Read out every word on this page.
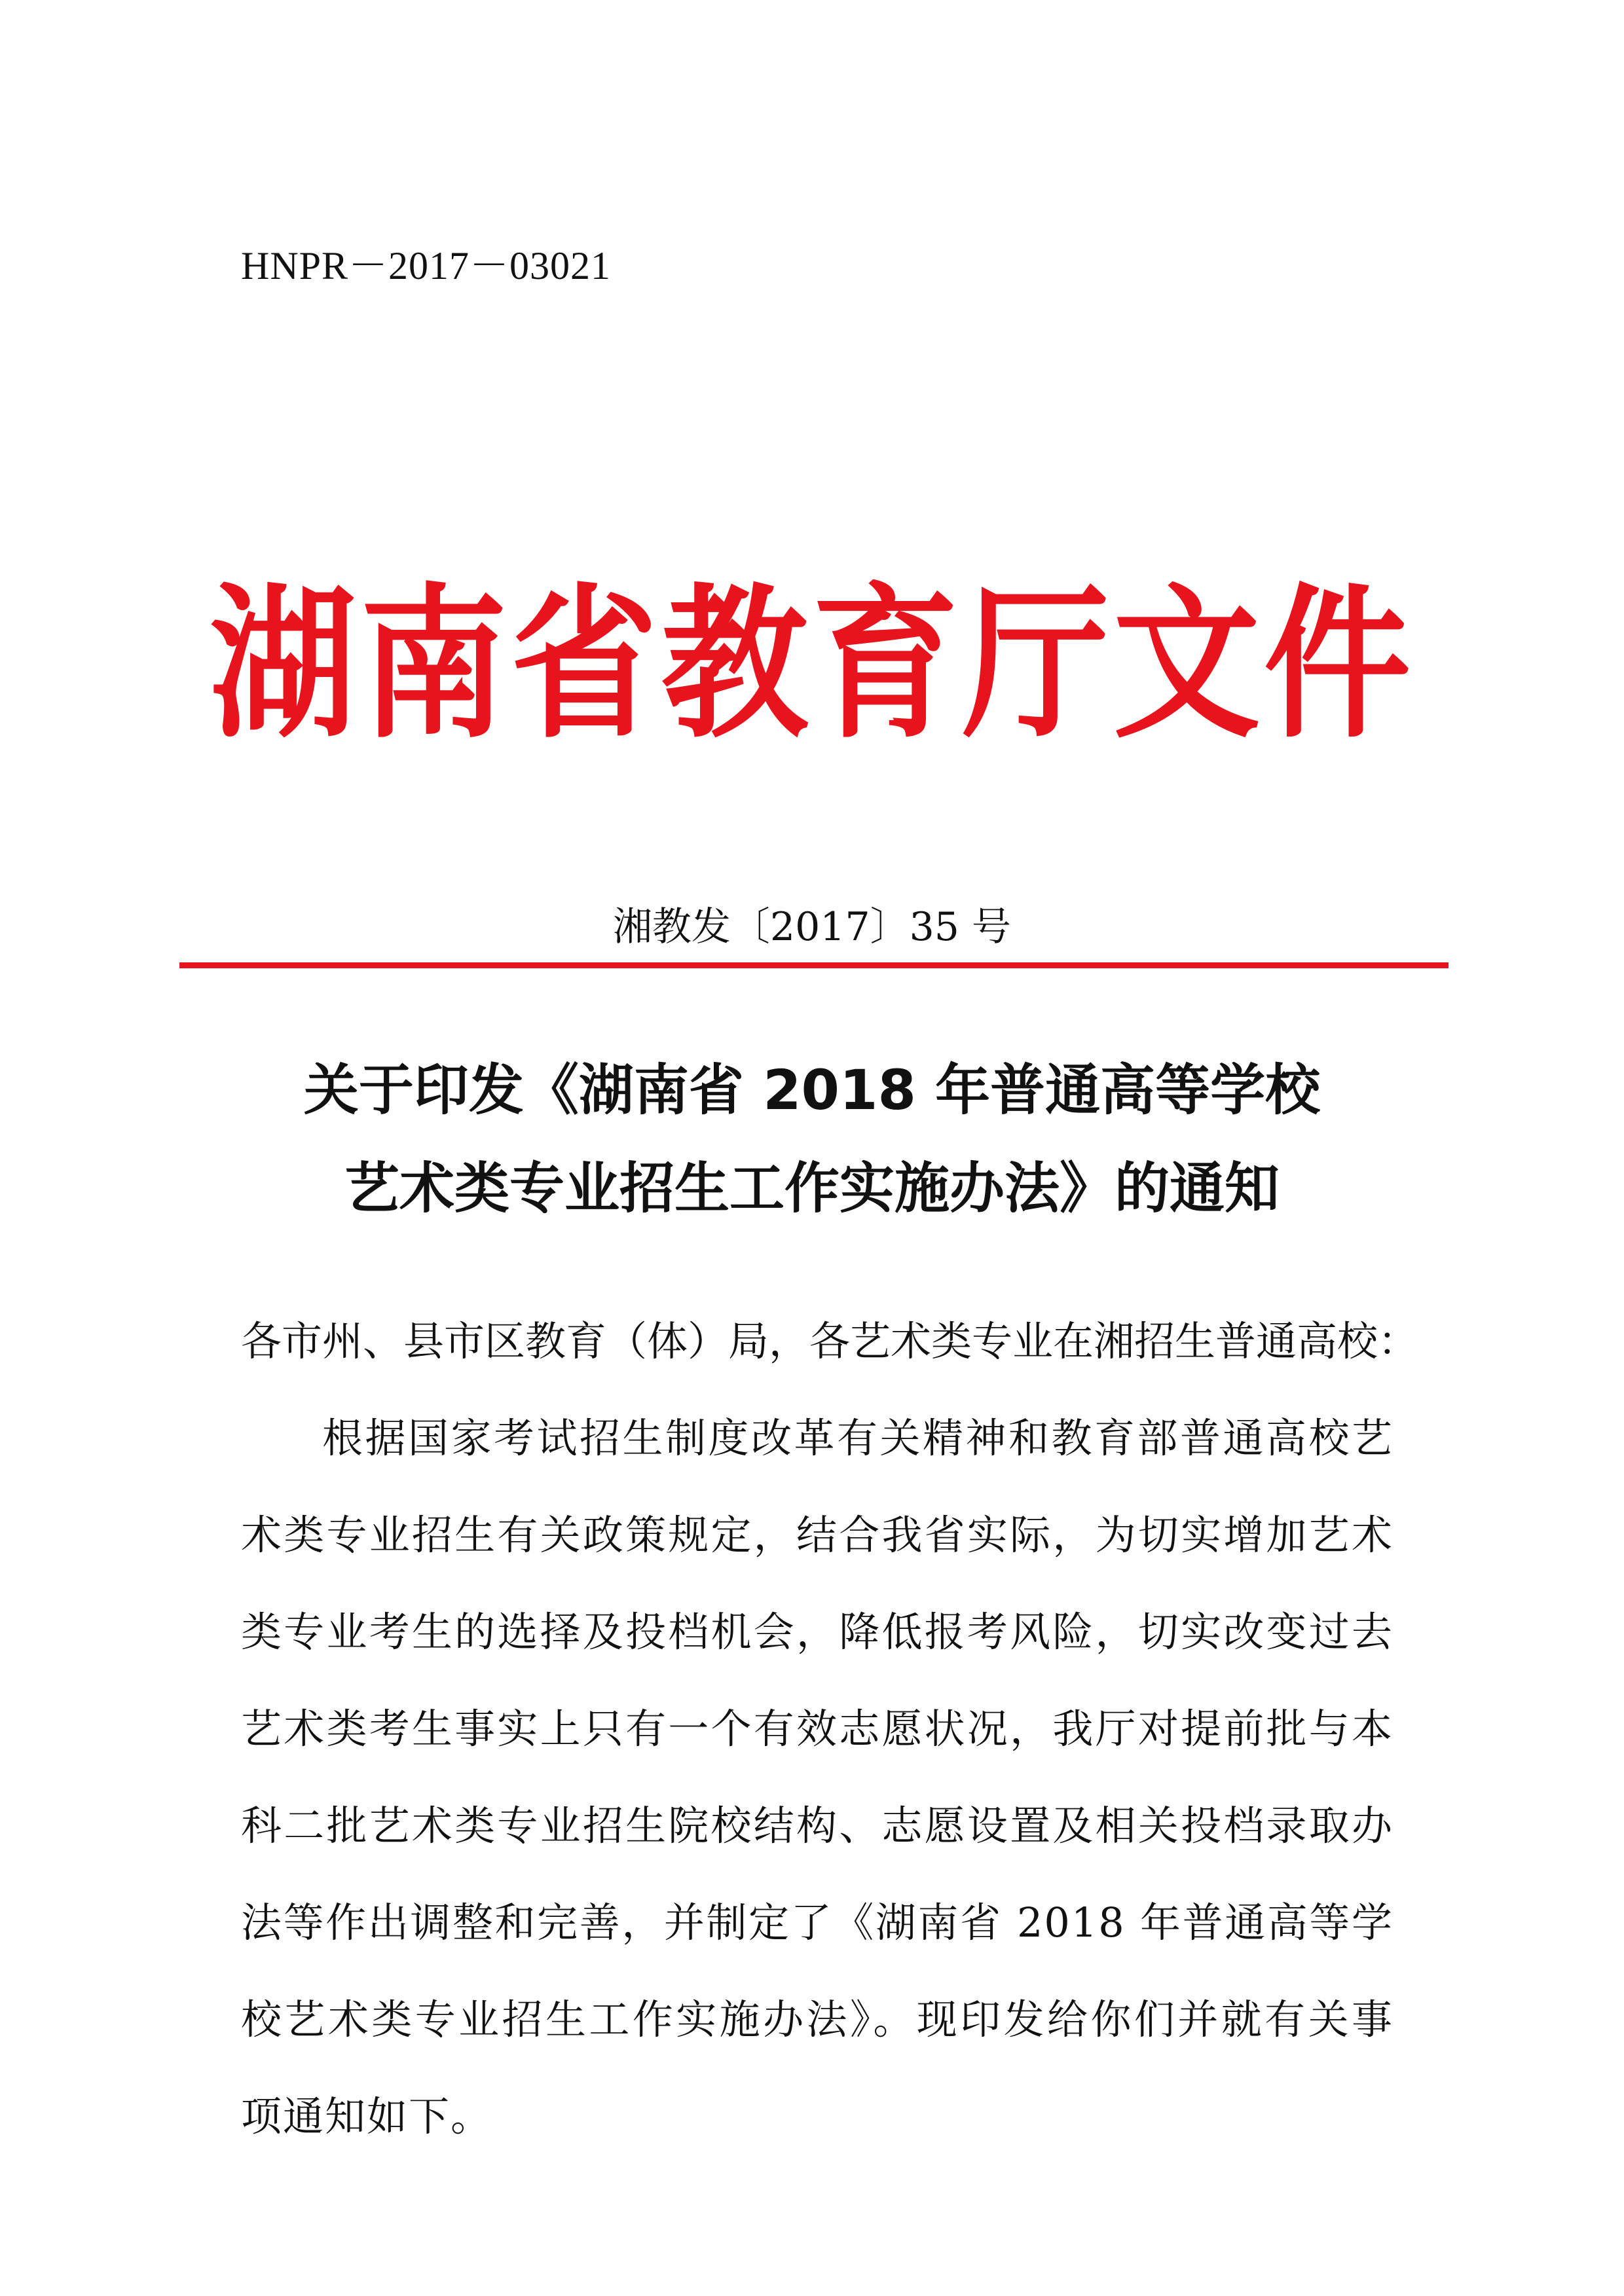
HNPR－2017－03021
湖南省教育厅文件
湘教发〔2017〕35 号
关于印发《湖南省 2018 年普通高等学校
艺术类专业招生工作实施办法》的通知
各市州、县市区教育（体）局，各艺术类专业在湘招生普通高校：
根据国家考试招生制度改革有关精神和教育部普通高校艺术类专业招生有关政策规定，结合我省实际，为切实增加艺术类专业考生的选择及投档机会，降低报考风险，切实改变过去艺术类考生事实上只有一个有效志愿状况，我厅对提前批与本科二批艺术类专业招生院校结构、志愿设置及相关投档录取办法等作出调整和完善，并制定了《湖南省 2018 年普通高等学校艺术类专业招生工作实施办法》。现印发给你们并就有关事项通知如下。
